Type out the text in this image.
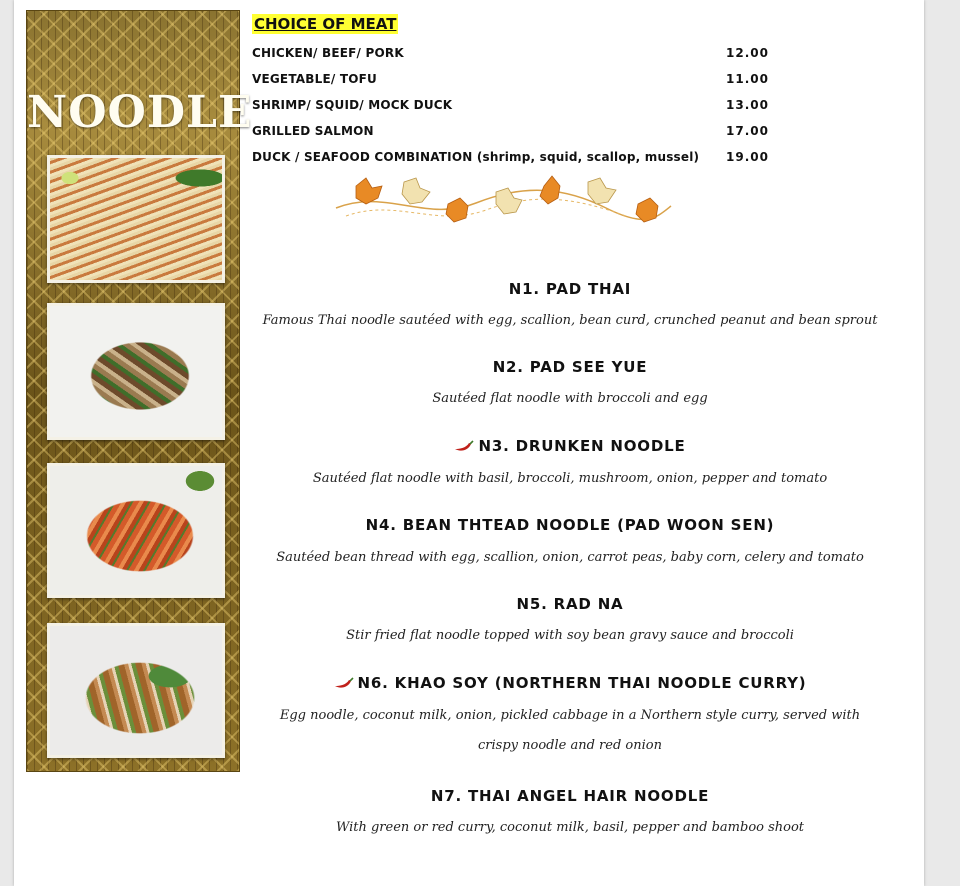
NOODLE
CHOICE OF MEAT
CHICKEN/ BEEF/ PORK	12.00
VEGETABLE/ TOFU	11.00
SHRIMP/ SQUID/ MOCK DUCK	13.00
GRILLED SALMON	17.00
DUCK / SEAFOOD COMBINATION (shrimp, squid, scallop, mussel) 19.00
N1. PAD THAI
Famous Thai noodle sautéed with egg, scallion, bean curd, crunched peanut and bean sprout
N2. PAD SEE YUE
Sautéed flat noodle with broccoli and egg
N3. DRUNKEN NOODLE
Sautéed flat noodle with basil, broccoli, mushroom, onion, pepper and tomato
N4. BEAN THTEAD NOODLE (PAD WOON SEN)
Sautéed bean thread with egg, scallion, onion, carrot peas, baby corn, celery and tomato
N5. RAD NA
Stir fried flat noodle topped with soy bean gravy sauce and broccoli
N6. KHAO SOY (NORTHERN THAI NOODLE CURRY)
Egg noodle, coconut milk, onion, pickled cabbage in a Northern style curry, served with crispy noodle and red onion
N7. THAI ANGEL HAIR NOODLE
With green or red curry, coconut milk, basil, pepper and bamboo shoot
